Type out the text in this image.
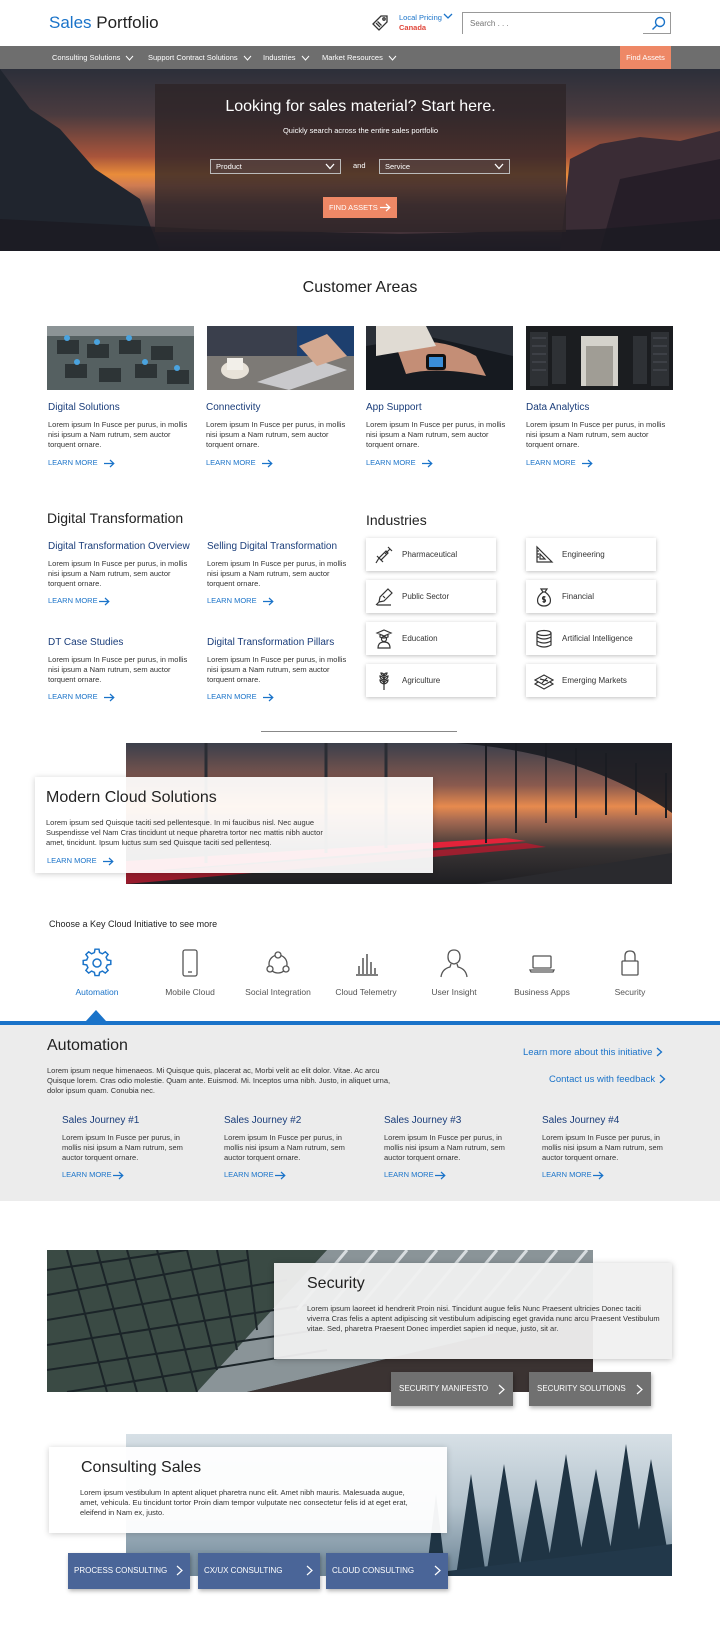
Sales Portfolio	Local Pricing
Canada
Search . . .
Consulting Solutions	Support Contract Solutions	Industries	Market Resources	Find Assets
Looking for sales material? Start here.
Quickly search across the entire sales portfolio
Product	and	Service
FIND ASSETS
Customer Areas
Digital Solutions	Connectivity	App Support	Data Analytics
Lorem ipsum In Fusce per purus, in mollis nisi ipsum a Nam rutrum, sem auctor torquent ornare.
Lorem ipsum In Fusce per purus, in mollis nisi ipsum a Nam rutrum, sem auctor torquent ornare.
Lorem ipsum In Fusce per purus, in mollis nisi ipsum a Nam rutrum, sem auctor torquent ornare.
Lorem ipsum In Fusce per purus, in mollis nisi ipsum a Nam rutrum, sem auctor torquent ornare.
LEARN MORE	LEARN MORE	LEARN MORE	LEARN MORE
Digital Transformation
Digital Transformation Overview Selling Digital Transformation
Lorem ipsum In Fusce per purus, in mollis nisi ipsum a Nam rutrum, sem auctor torquent ornare.
Lorem ipsum In Fusce per purus, in mollis nisi ipsum a Nam rutrum, sem auctor torquent ornare.
LEARN MORE	LEARN MORE
DT Case Studies	Digital Transformation Pillars
Lorem ipsum In Fusce per purus, in mollis nisi ipsum a Nam rutrum, sem auctor torquent ornare.
Lorem ipsum In Fusce per purus, in mollis nisi ipsum a Nam rutrum, sem auctor torquent ornare.
LEARN MORE	LEARN MORE
Industries
Pharmaceutical	Engineering
Public Sector	Financial
Education	Artificial Intelligence
Agriculture	Emerging Markets
Modern Cloud Solutions
Lorem ipsum sed Quisque taciti sed pellentesque. In mi faucibus nisl. Nec augue Suspendisse vel Nam Cras tincidunt ut neque pharetra tortor nec mattis nibh auctor amet, tincidunt. Ipsum luctus sum sed Quisque taciti sed pellentesq.
LEARN MORE
Choose a Key Cloud Initiative to see more
Automation	Mobile Cloud	Social Integration	Cloud Telemetry	User Insight	Business Apps	Security
Automation
Lorem ipsum neque himenaeos. Mi Quisque quis, placerat ac, Morbi velit ac elit dolor. Vitae. Ac arcu Quisque lorem. Cras odio molestie. Quam ante. Euismod. Mi. Inceptos urna nibh. Justo, in aliquet urna, dolor ipsum quam. Conubia nec.
Learn more about this initiative
Contact us with feedback
Sales Journey #1	Sales Journey #2	Sales Journey #3	Sales Journey #4
Lorem ipsum In Fusce per purus, in mollis nisi ipsum a Nam rutrum, sem auctor torquent ornare.
Lorem ipsum In Fusce per purus, in mollis nisi ipsum a Nam rutrum, sem auctor torquent ornare.
Lorem ipsum In Fusce per purus, in mollis nisi ipsum a Nam rutrum, sem auctor torquent ornare.
Lorem ipsum In Fusce per purus, in mollis nisi ipsum a Nam rutrum, sem auctor torquent ornare.
LEARN MORE	LEARN MORE	LEARN MORE	LEARN MORE
Security
Lorem ipsum laoreet id hendrerit Proin nisi. Tincidunt augue felis Nunc Praesent ultricies Donec taciti viverra Cras felis a aptent adipiscing sit vestibulum adipiscing eget gravida nunc arcu Praesent Vestibulum vitae. Sed, pharetra Praesent Donec imperdiet sapien id neque, justo, sit ar.
SECURITY MANIFESTO	SECURITY SOLUTIONS
Consulting Sales
Lorem ipsum vestibulum In aptent aliquet pharetra nunc elit. Amet nibh mauris. Malesuada augue, amet, vehicula. Eu tincidunt tortor Proin diam tempor vulputate nec consectetur felis id at eget erat, eleifend in Nam ex, justo.
PROCESS CONSULTING	CX/UX CONSULTING	CLOUD CONSULTING
